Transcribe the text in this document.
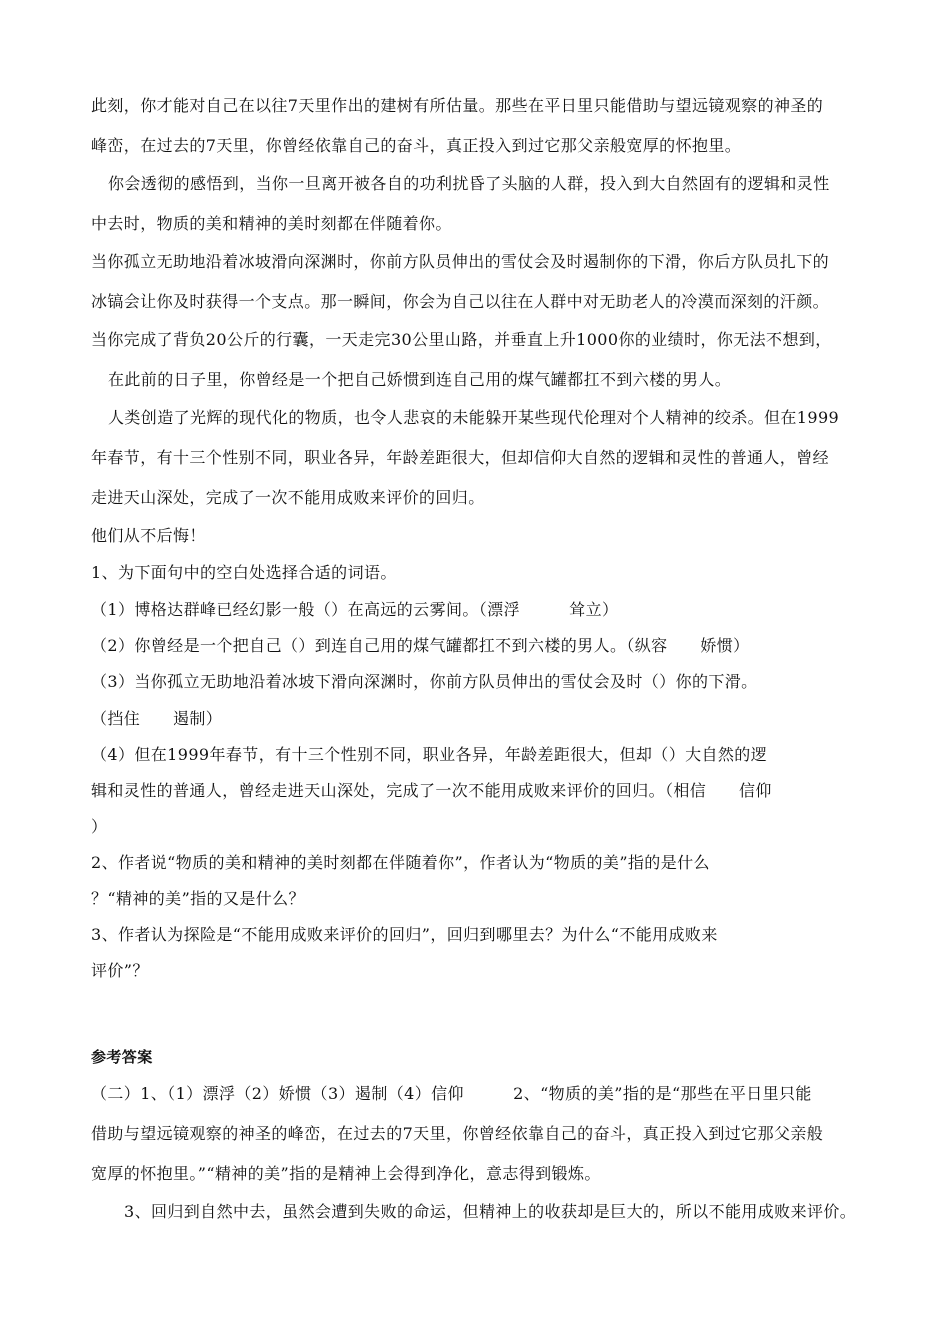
此刻，你才能对自己在以往7天里作出的建树有所估量。那些在平日里只能借助与望远镜观察的神圣的
峰峦，在过去的7天里，你曾经依靠自己的奋斗，真正投入到过它那父亲般宽厚的怀抱里。
你会透彻的感悟到，当你一旦离开被各自的功利扰昏了头脑的人群，投入到大自然固有的逻辑和灵性
中去时，物质的美和精神的美时刻都在伴随着你。
当你孤立无助地沿着冰坡滑向深渊时，你前方队员伸出的雪仗会及时遏制你的下滑，你后方队员扎下的
冰镐会让你及时获得一个支点。那一瞬间，你会为自己以往在人群中对无助老人的冷漠而深刻的汗颜。
当你完成了背负20公斤的行囊，一天走完30公里山路，并垂直上升1000你的业绩时，你无法不想到，
在此前的日子里，你曾经是一个把自己娇惯到连自己用的煤气罐都扛不到六楼的男人。
人类创造了光辉的现代化的物质，也令人悲哀的未能躲开某些现代伦理对个人精神的绞杀。但在1999
年春节，有十三个性别不同，职业各异，年龄差距很大，但却信仰大自然的逻辑和灵性的普通人，曾经
走进天山深处，完成了一次不能用成败来评价的回归。
他们从不后悔！
1、为下面句中的空白处选择合适的词语。
（1）博格达群峰已经幻影一般（）在高远的云雾间。（漂浮　　　耸立）
（2）你曾经是一个把自己（）到连自己用的煤气罐都扛不到六楼的男人。（纵容　　娇惯）
（3）当你孤立无助地沿着冰坡下滑向深渊时，你前方队员伸出的雪仗会及时（）你的下滑。
（挡住　　遏制）
（4）但在1999年春节，有十三个性别不同，职业各异，年龄差距很大，但却（）大自然的逻
辑和灵性的普通人，曾经走进天山深处，完成了一次不能用成败来评价的回归。（相信　　信仰
）
2、作者说“物质的美和精神的美时刻都在伴随着你”，作者认为“物质的美”指的是什么
？“精神的美”指的又是什么？
3、作者认为探险是“不能用成败来评价的回归”，回归到哪里去？为什么“不能用成败来
评价”？
参考答案
（二）1、（1）漂浮（2）娇惯（3）遏制（4）信仰　　　2、“物质的美”指的是“那些在平日里只能
借助与望远镜观察的神圣的峰峦，在过去的7天里，你曾经依靠自己的奋斗，真正投入到过它那父亲般
宽厚的怀抱里。”“精神的美”指的是精神上会得到净化，意志得到锻炼。
3、回归到自然中去，虽然会遭到失败的命运，但精神上的收获却是巨大的，所以不能用成败来评价。
